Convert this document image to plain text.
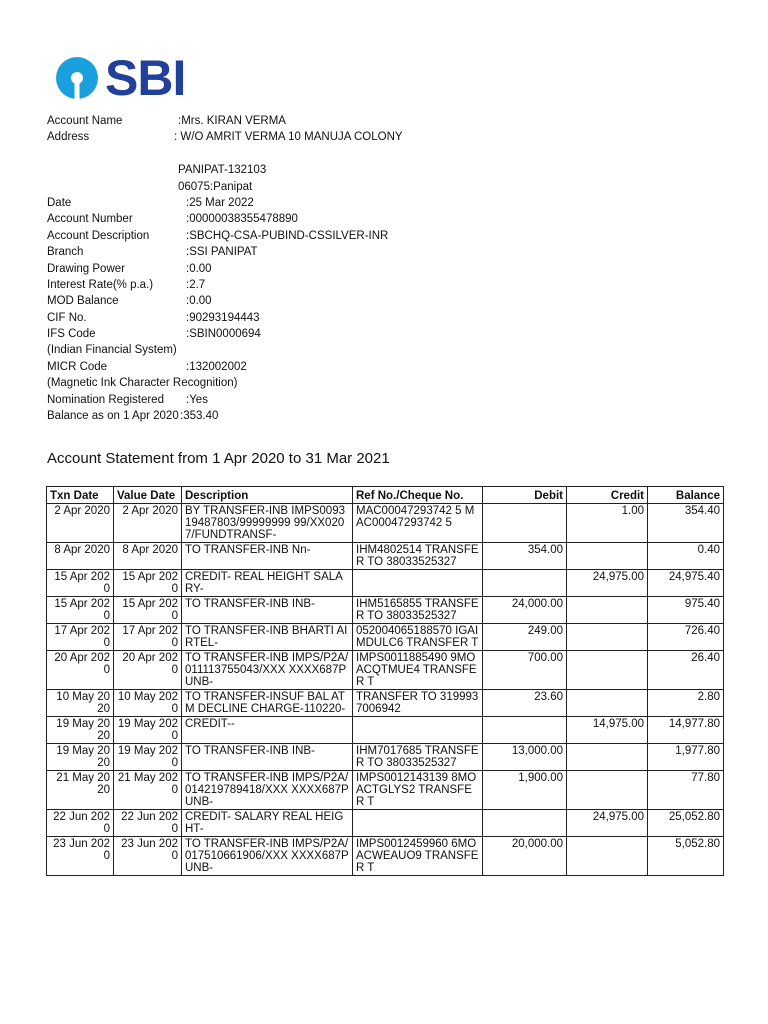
SBI
Account Name	:Mrs. KIRAN VERMA
Address	: W/O AMRIT VERMA 10 MANUJA COLONY
PANIPAT-132103
06075:Panipat
Date	:25 Mar 2022
Account Number	:00000038355478890
Account Description	:SBCHQ-CSA-PUBIND-CSSILVER-INR
Branch	:SSI PANIPAT
Drawing Power	:0.00
Interest Rate(% p.a.)	:2.7
MOD Balance	:0.00
CIF No.	:90293194443
IFS Code	:SBIN0000694
(Indian Financial System)
MICR Code	:132002002
(Magnetic Ink Character Recognition)
Nomination Registered :Yes
Balance as on 1 Apr 2020 :353.40
Account Statement from 1 Apr 2020 to 31 Mar 2021
Txn Date	Value Date	Description	Ref No./Cheque No.	Debit	Credit	Balance
2 Apr 2020	2 Apr 2020	BY TRANSFER-INB IMPS009319487803/99999999 99/XX0207/FUNDTRANSF-	MAC00047293742 5 MAC00047293742 5		1.00	354.40
8 Apr 2020	8 Apr 2020	TO TRANSFER-INB Nn-	IHM4802514 TRANSFER TO 38033525327	354.00		0.40
15 Apr 2020	15 Apr 2020	CREDIT- REAL HEIGHT SALARY-			24,975.00	24,975.40
15 Apr 2020	15 Apr 2020	TO TRANSFER-INB INB-	IHM5165855 TRANSFER TO 38033525327	24,000.00		975.40
17 Apr 2020	17 Apr 2020	TO TRANSFER-INB BHARTI AIRTEL-	052004065188570 IGAIMDULC6 TRANSFER T	249.00		726.40
20 Apr 2020	20 Apr 2020	TO TRANSFER-INB IMPS/P2A/011113755043/XXX XXXX687PUNB-	IMPS0011885490 9MOACQTMUE4 TRANSFER T	700.00		26.40
10 May 2020	10 May 2020	TO TRANSFER-INSUF BAL ATM DECLINE CHARGE-110220-	TRANSFER TO 3199937006942	23.60		2.80
19 May 2020	19 May 2020	CREDIT--			14,975.00	14,977.80
19 May 2020	19 May 2020	TO TRANSFER-INB INB-	IHM7017685 TRANSFER TO 38033525327	13,000.00		1,977.80
21 May 2020	21 May 2020	TO TRANSFER-INB IMPS/P2A/014219789418/XXX XXXX687PUNB-	IMPS0012143139 8MOACTGLYS2 TRANSFER T	1,900.00		77.80
22 Jun 2020	22 Jun 2020	CREDIT- SALARY REAL HEIGHT-			24,975.00	25,052.80
23 Jun 2020	23 Jun 2020	TO TRANSFER-INB IMPS/P2A/017510661906/XXX XXXX687PUNB-	IMPS0012459960 6MOACWEAUO9 TRANSFER T	20,000.00		5,052.80
